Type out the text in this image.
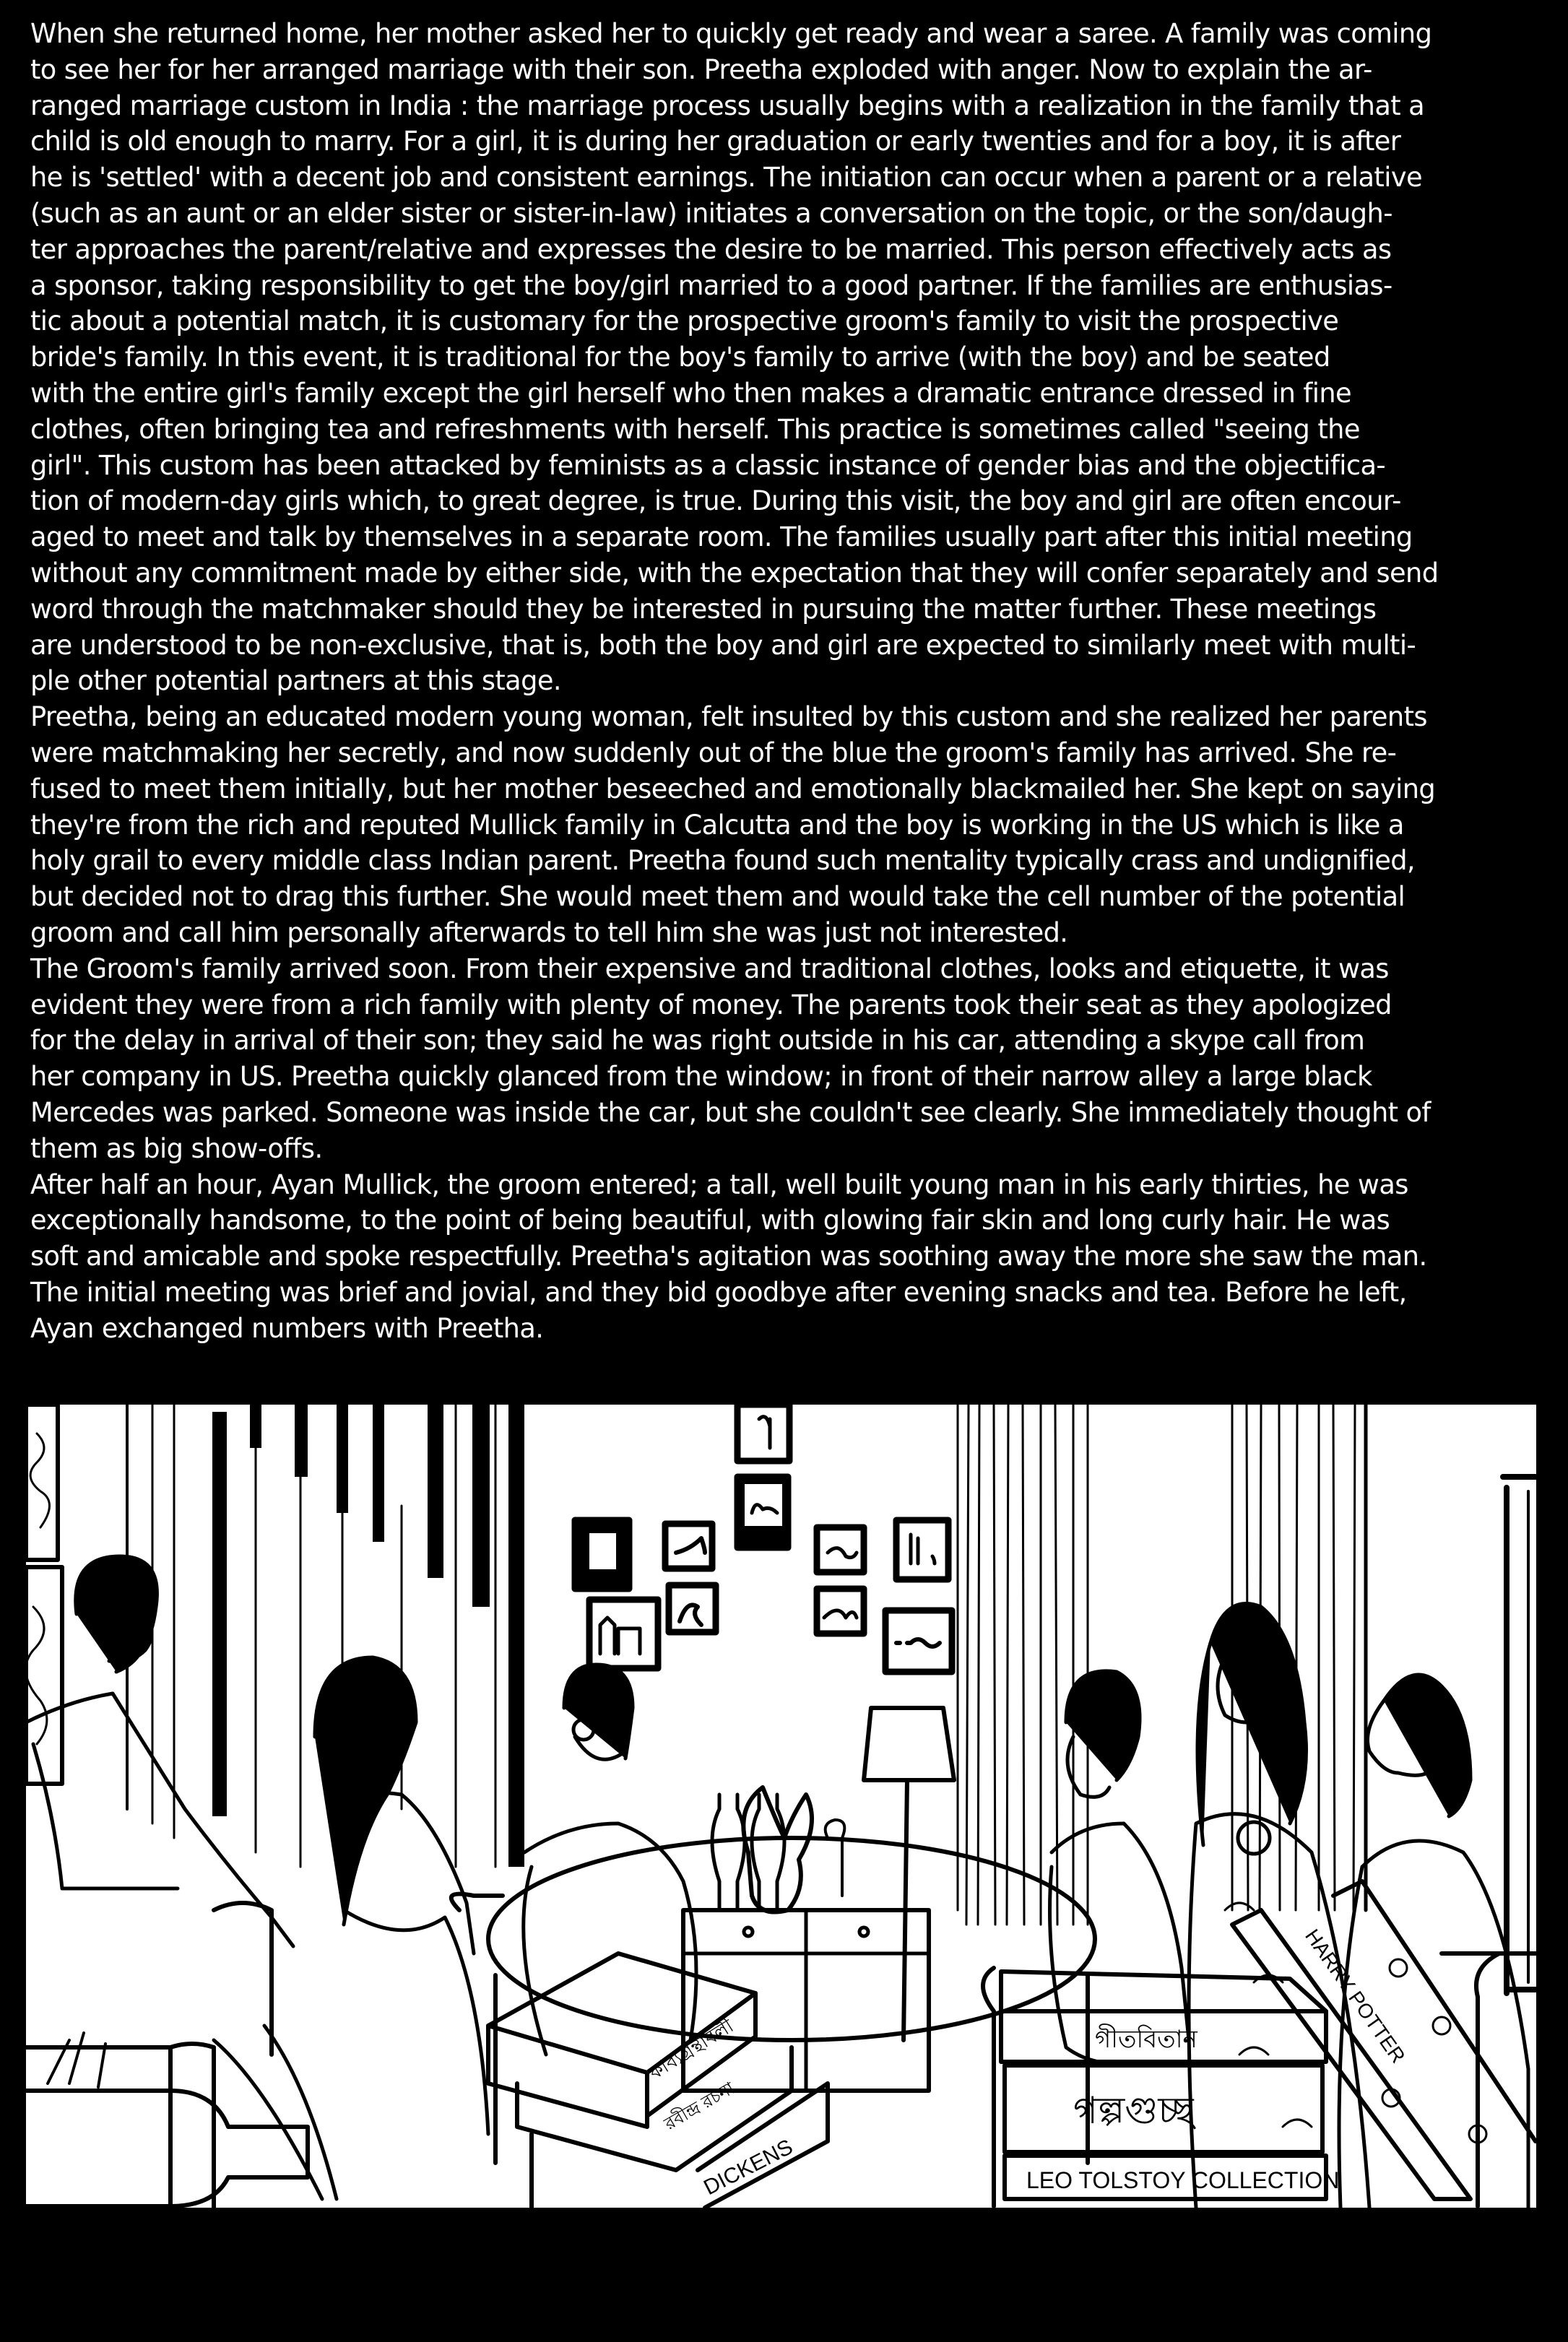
When she returned home, her mother asked her to quickly get ready and wear a saree. A family was coming
to see her for her arranged marriage with their son. Preetha exploded with anger. Now to explain the ar-
ranged marriage custom in India : the marriage process usually begins with a realization in the family that a
child is old enough to marry. For a girl, it is during her graduation or early twenties and for a boy, it is after
he is 'settled' with a decent job and consistent earnings. The initiation can occur when a parent or a relative
(such as an aunt or an elder sister or sister-in-law) initiates a conversation on the topic, or the son/daugh-
ter approaches the parent/relative and expresses the desire to be married. This person effectively acts as
a sponsor, taking responsibility to get the boy/girl married to a good partner. If the families are enthusias-
tic about a potential match, it is customary for the prospective groom's family to visit the prospective
bride's family. In this event, it is traditional for the boy's family to arrive (with the boy) and be seated
with the entire girl's family except the girl herself who then makes a dramatic entrance dressed in fine
clothes, often bringing tea and refreshments with herself. This practice is sometimes called "seeing the
girl". This custom has been attacked by feminists as a classic instance of gender bias and the objectifica-
tion of modern-day girls which, to great degree, is true. During this visit, the boy and girl are often encour-
aged to meet and talk by themselves in a separate room. The families usually part after this initial meeting
without any commitment made by either side, with the expectation that they will confer separately and send
word through the matchmaker should they be interested in pursuing the matter further. These meetings
are understood to be non-exclusive, that is, both the boy and girl are expected to similarly meet with multi-
ple other potential partners at this stage.
Preetha, being an educated modern young woman, felt insulted by this custom and she realized her parents
were matchmaking her secretly, and now suddenly out of the blue the groom's family has arrived. She re-
fused to meet them initially, but her mother beseeched and emotionally blackmailed her. She kept on saying
they're from the rich and reputed Mullick family in Calcutta and the boy is working in the US which is like a
holy grail to every middle class Indian parent. Preetha found such mentality typically crass and undignified,
but decided not to drag this further. She would meet them and would take the cell number of the potential
groom and call him personally afterwards to tell him she was just not interested.
The Groom's family arrived soon. From their expensive and traditional clothes, looks and etiquette, it was
evident they were from a rich family with plenty of money. The parents took their seat as they apologized
for the delay in arrival of their son; they said he was right outside in his car, attending a skype call from
her company in US. Preetha quickly glanced from the window; in front of their narrow alley a large black
Mercedes was parked. Someone was inside the car, but she couldn't see clearly. She immediately thought of
them as big show-offs.
After half an hour, Ayan Mullick, the groom entered; a tall, well built young man in his early thirties, he was
exceptionally handsome, to the point of being beautiful, with glowing fair skin and long curly hair. He was
soft and amicable and spoke respectfully. Preetha's agitation was soothing away the more she saw the man.
The initial meeting was brief and jovial, and they bid goodbye after evening snacks and tea. Before he left,
Ayan exchanged numbers with Preetha.
DICKENS
কাব্যগ্রন্থাবলী
রবীন্দ্র রচনা
গীতবিতান
গল্পগুচ্ছ
LEO TOLSTOY COLLECTION
HARRY POTTER
